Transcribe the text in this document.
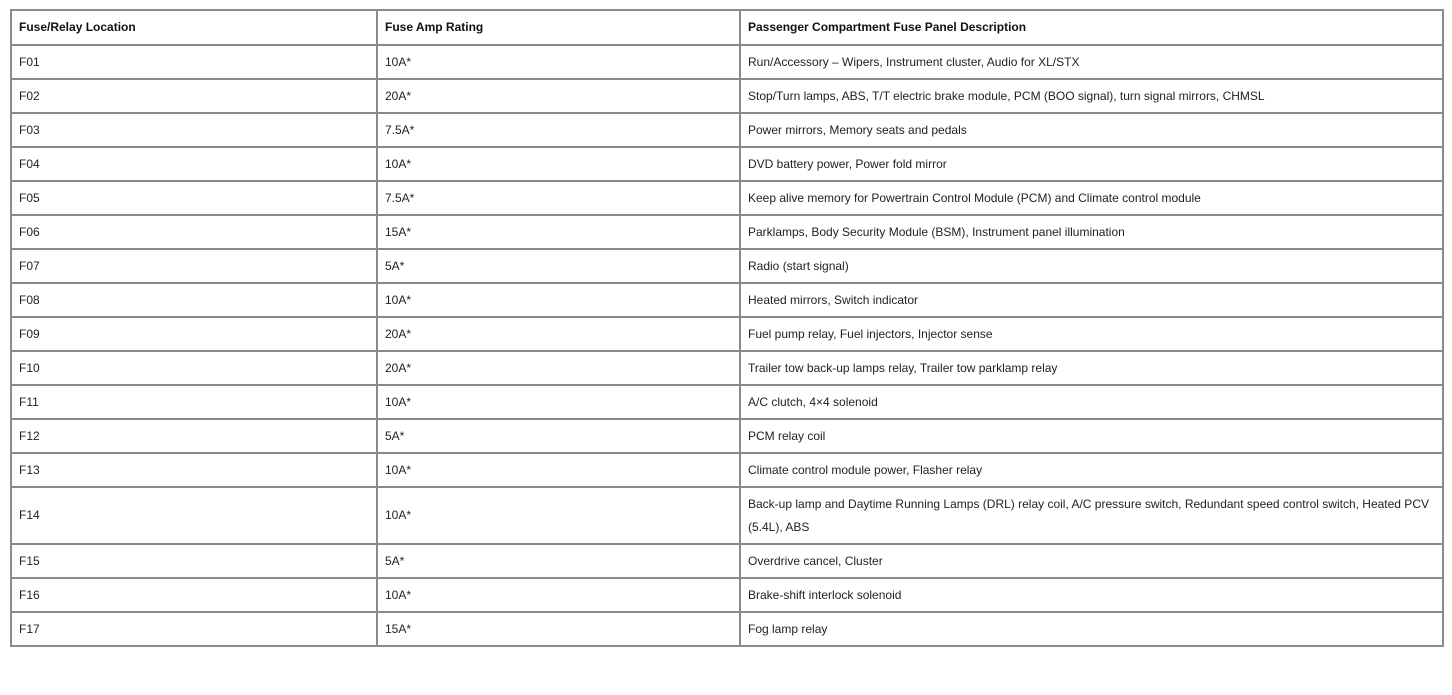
Fuse/Relay Location	Fuse Amp Rating	Passenger Compartment Fuse Panel Description
F01	10A*	Run/Accessory – Wipers, Instrument cluster, Audio for XL/STX
F02	20A*	Stop/Turn lamps, ABS, T/T electric brake module, PCM (BOO signal), turn signal mirrors, CHMSL
F03	7.5A*	Power mirrors, Memory seats and pedals
F04	10A*	DVD battery power, Power fold mirror
F05	7.5A*	Keep alive memory for Powertrain Control Module (PCM) and Climate control module
F06	15A*	Parklamps, Body Security Module (BSM), Instrument panel illumination
F07	5A*	Radio (start signal)
F08	10A*	Heated mirrors, Switch indicator
F09	20A*	Fuel pump relay, Fuel injectors, Injector sense
F10	20A*	Trailer tow back-up lamps relay, Trailer tow parklamp relay
F11	10A*	A/C clutch, 4×4 solenoid
F12	5A*	PCM relay coil
F13	10A*	Climate control module power, Flasher relay
F14	10A*	Back-up lamp and Daytime Running Lamps (DRL) relay coil, A/C pressure switch, Redundant speed control switch, Heated PCV (5.4L), ABS
F15	5A*	Overdrive cancel, Cluster
F16	10A*	Brake-shift interlock solenoid
F17	15A*	Fog lamp relay
